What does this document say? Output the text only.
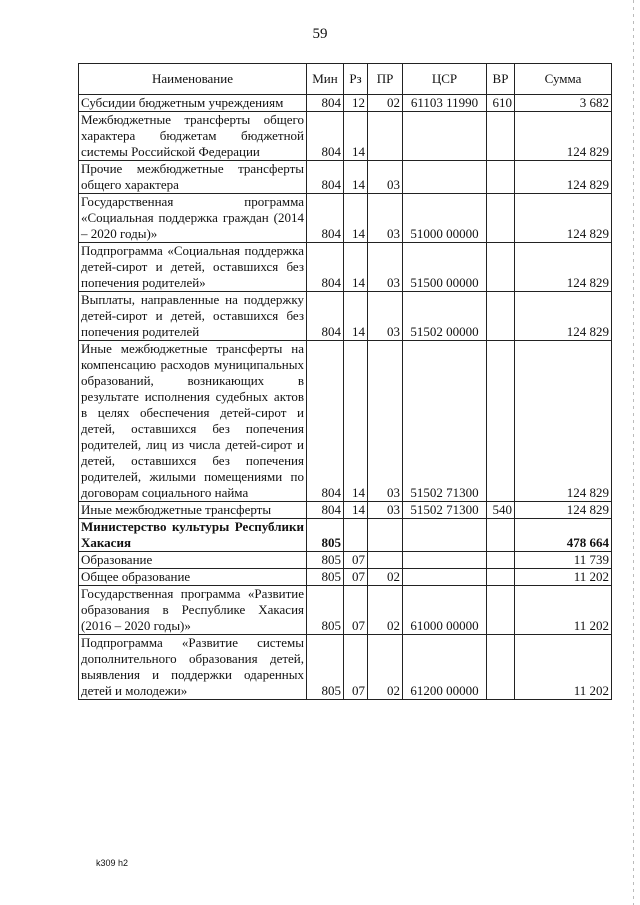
59
Наименование	Мин	Рз	ПР	ЦСР	ВР	Сумма
Субсидии бюджетным учреждениям	804	12	02	61103 11990	610	3 682
Межбюджетные трансферты общего характера бюджетам бюджетной системы Российской Федерации	804	14				124 829
Прочие межбюджетные трансферты общего характера	804	14	03			124 829
Государственная программа «Социальная поддержка граждан (2014 – 2020 годы)»	804	14	03	51000 00000		124 829
Подпрограмма «Социальная поддержка детей-сирот и детей, оставшихся без попечения родителей»	804	14	03	51500 00000		124 829
Выплаты, направленные на поддержку детей-сирот и детей, оставшихся без попечения родителей	804	14	03	51502 00000		124 829
Иные межбюджетные трансферты на компенсацию расходов муниципальных образований, возникающих в результате исполнения судебных актов в целях обеспечения детей-сирот и детей, оставшихся без попечения родителей, лиц из числа детей-сирот и детей, оставшихся без попечения родителей, жилыми помещениями по договорам социального найма	804	14	03	51502 71300		124 829
Иные межбюджетные трансферты	804	14	03	51502 71300	540	124 829
Министерство культуры Республики Хакасия	805					478 664
Образование	805	07				11 739
Общее образование	805	07	02			11 202
Государственная программа «Развитие образования в Республике Хакасия (2016 – 2020 годы)»	805	07	02	61000 00000		11 202
Подпрограмма «Развитие системы дополнительного образования детей, выявления и поддержки одаренных детей и молодежи»	805	07	02	61200 00000		11 202
k309 h2
